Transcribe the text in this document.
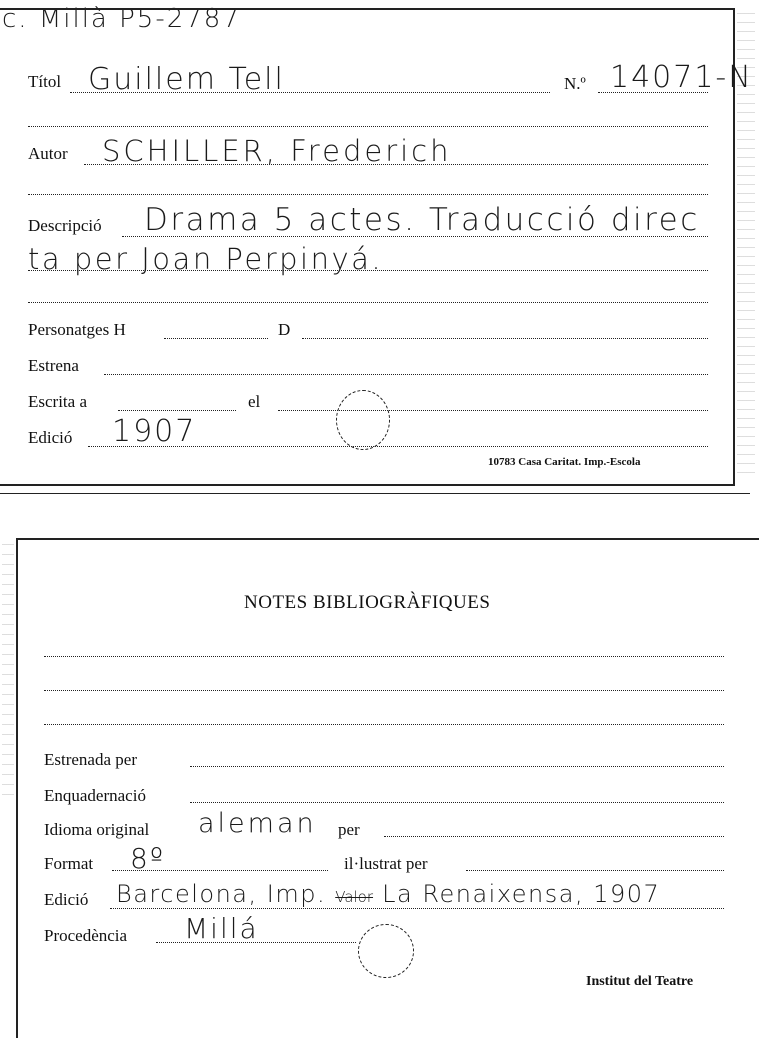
c. Millà P5-2787
Títol Guillem Tell	N.º 14071-N
Autor SCHILLER, Frederich
Descripció Drama 5 actes. Traducció direc
ta per Joan Perpinyá.
Personatges H	D
Estrena
Escrita a	el
Edició 1907
10783 Casa Caritat. Imp.-Escola
NOTES BIBLIOGRÀFIQUES
Estrenada per
Enquadernació
Idioma original aleman per
Format 8º	il·lustrat per
Edició Barcelona, Imp. Valor La Renaixensa, 1907
Procedència Millá
Institut del Teatre
